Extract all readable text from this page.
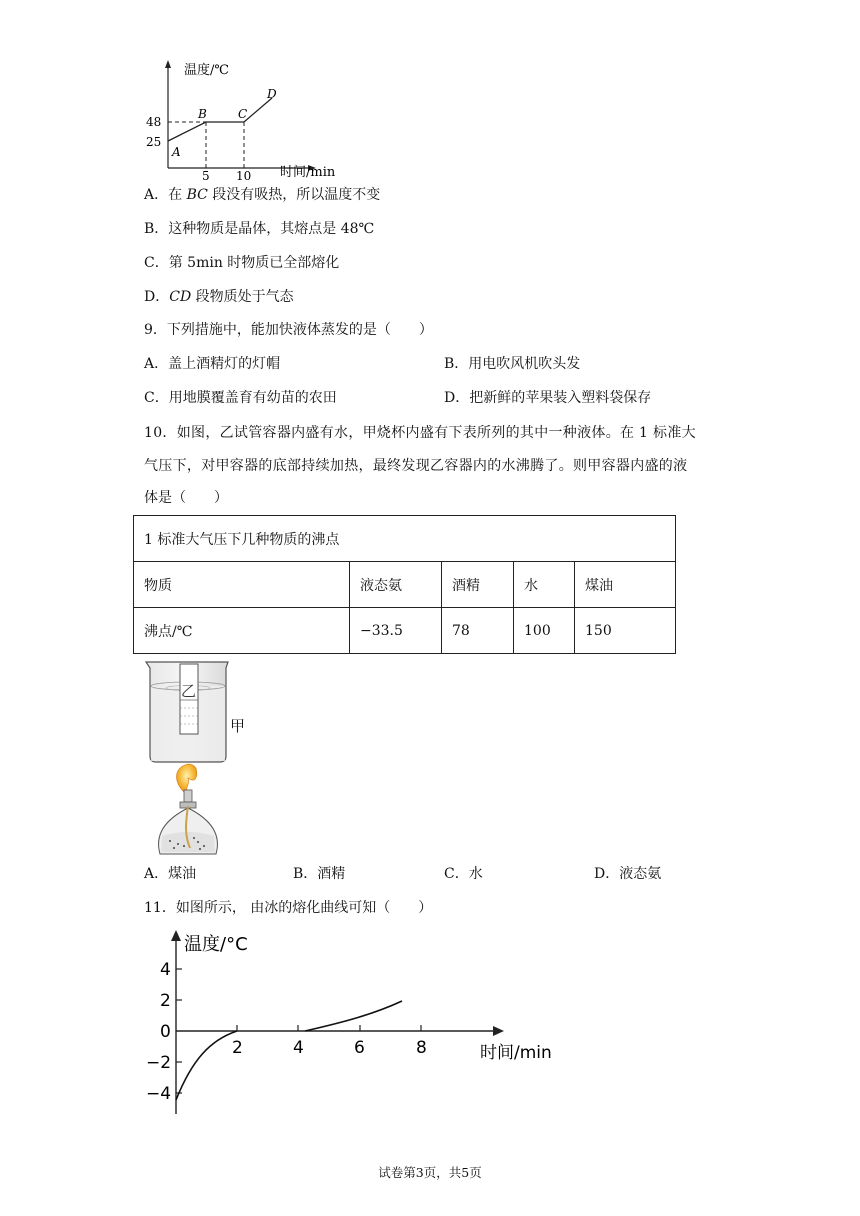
温度/℃
时间/min
48
25
5 10
A
B	C
D
A．在 BC 段没有吸热，所以温度不变
B．这种物质是晶体，其熔点是 48℃
C．第 5min 时物质已全部熔化
D．CD 段物质处于气态
9．下列措施中，能加快液体蒸发的是（　　）
A．盖上酒精灯的灯帽	B．用电吹风机吹头发
C．用地膜覆盖育有幼苗的农田	D．把新鲜的苹果装入塑料袋保存
10．如图，乙试管容器内盛有水，甲烧杯内盛有下表所列的其中一种液体。在 1 标准大
气压下，对甲容器的底部持续加热，最终发现乙容器内的水沸腾了。则甲容器内盛的液
体是（　　）
1 标准大气压下几种物质的沸点				
物质	液态氨	酒精	水	煤油
沸点/℃	−33.5	78	100	150
乙
甲
A．煤油	B．酒精	C．水	D．液态氨
11．如图所示， 由冰的熔化曲线可知（　　）
温度/°C
时间/min
4
2
0
−2
−4
2	4	6	8
试卷第3页，共5页
